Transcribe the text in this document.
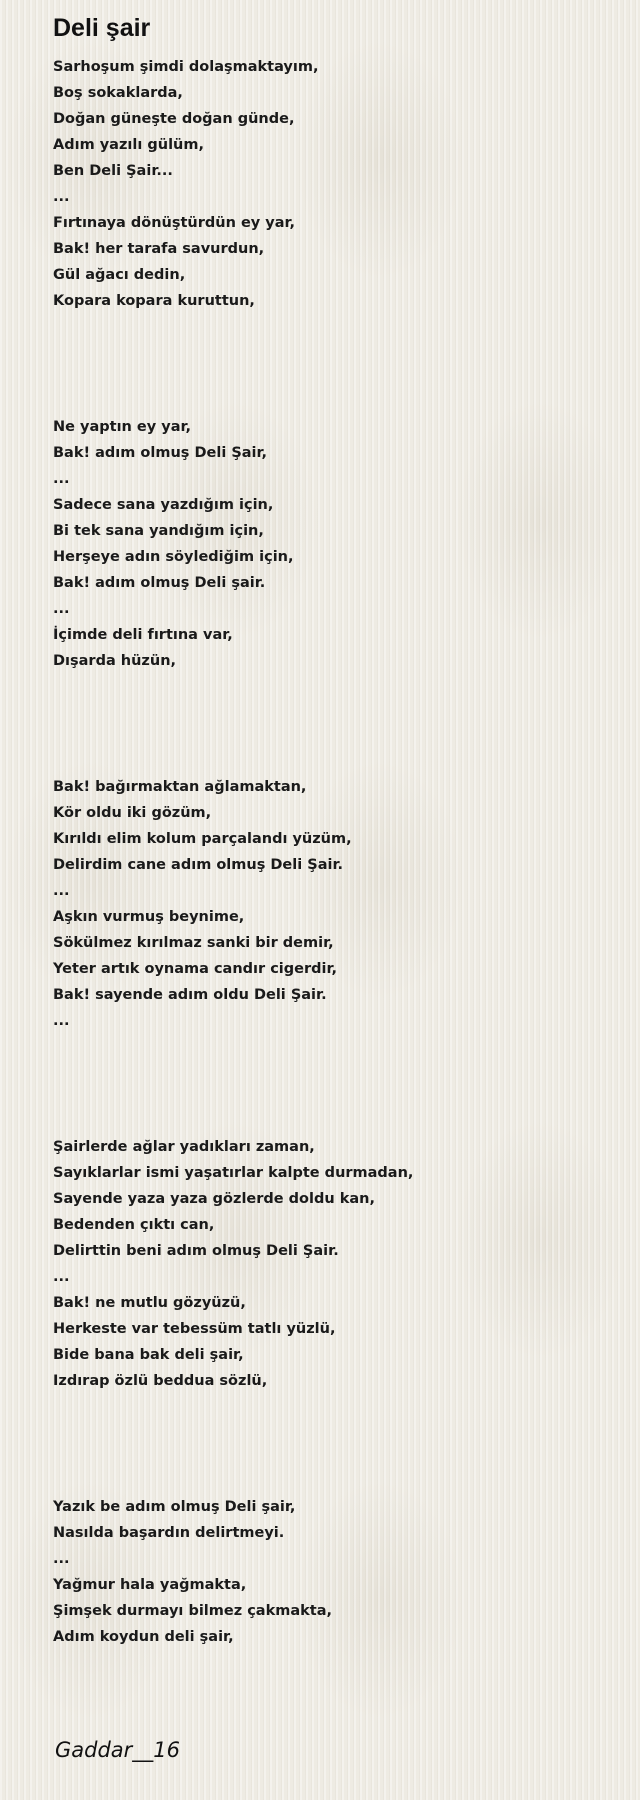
Deli şair
Sarhoşum şimdi dolaşmaktayım,
Boş sokaklarda,
Doğan güneşte doğan günde,
Adım yazılı gülüm,
Ben Deli Şair...
...
Fırtınaya dönüştürdün ey yar,
Bak! her tarafa savurdun,
Gül ağacı dedin,
Kopara kopara kuruttun,
Ne yaptın ey yar,
Bak! adım olmuş Deli Şair,
...
Sadece sana yazdığım için,
Bi tek sana yandığım için,
Herşeye adın söylediğim için,
Bak! adım olmuş Deli şair.
...
İçimde deli fırtına var,
Dışarda hüzün,
Bak! bağırmaktan ağlamaktan,
Kör oldu iki gözüm,
Kırıldı elim kolum parçalandı yüzüm,
Delirdim cane adım olmuş Deli Şair.
...
Aşkın vurmuş beynime,
Sökülmez kırılmaz sanki bir demir,
Yeter artık oynama candır cigerdir,
Bak! sayende adım oldu Deli Şair.
...
Şairlerde ağlar yadıkları zaman,
Sayıklarlar ismi yaşatırlar kalpte durmadan,
Sayende yaza yaza gözlerde doldu kan,
Bedenden çıktı can,
Delirttin beni adım olmuş Deli Şair.
...
Bak! ne mutlu gözyüzü,
Herkeste var tebessüm tatlı yüzlü,
Bide bana bak deli şair,
Izdırap özlü beddua sözlü,
Yazık be adım olmuş Deli şair,
Nasılda başardın delirtmeyi.
...
Yağmur hala yağmakta,
Şimşek durmayı bilmez çakmakta,
Adım koydun deli şair,
Gaddar__16
